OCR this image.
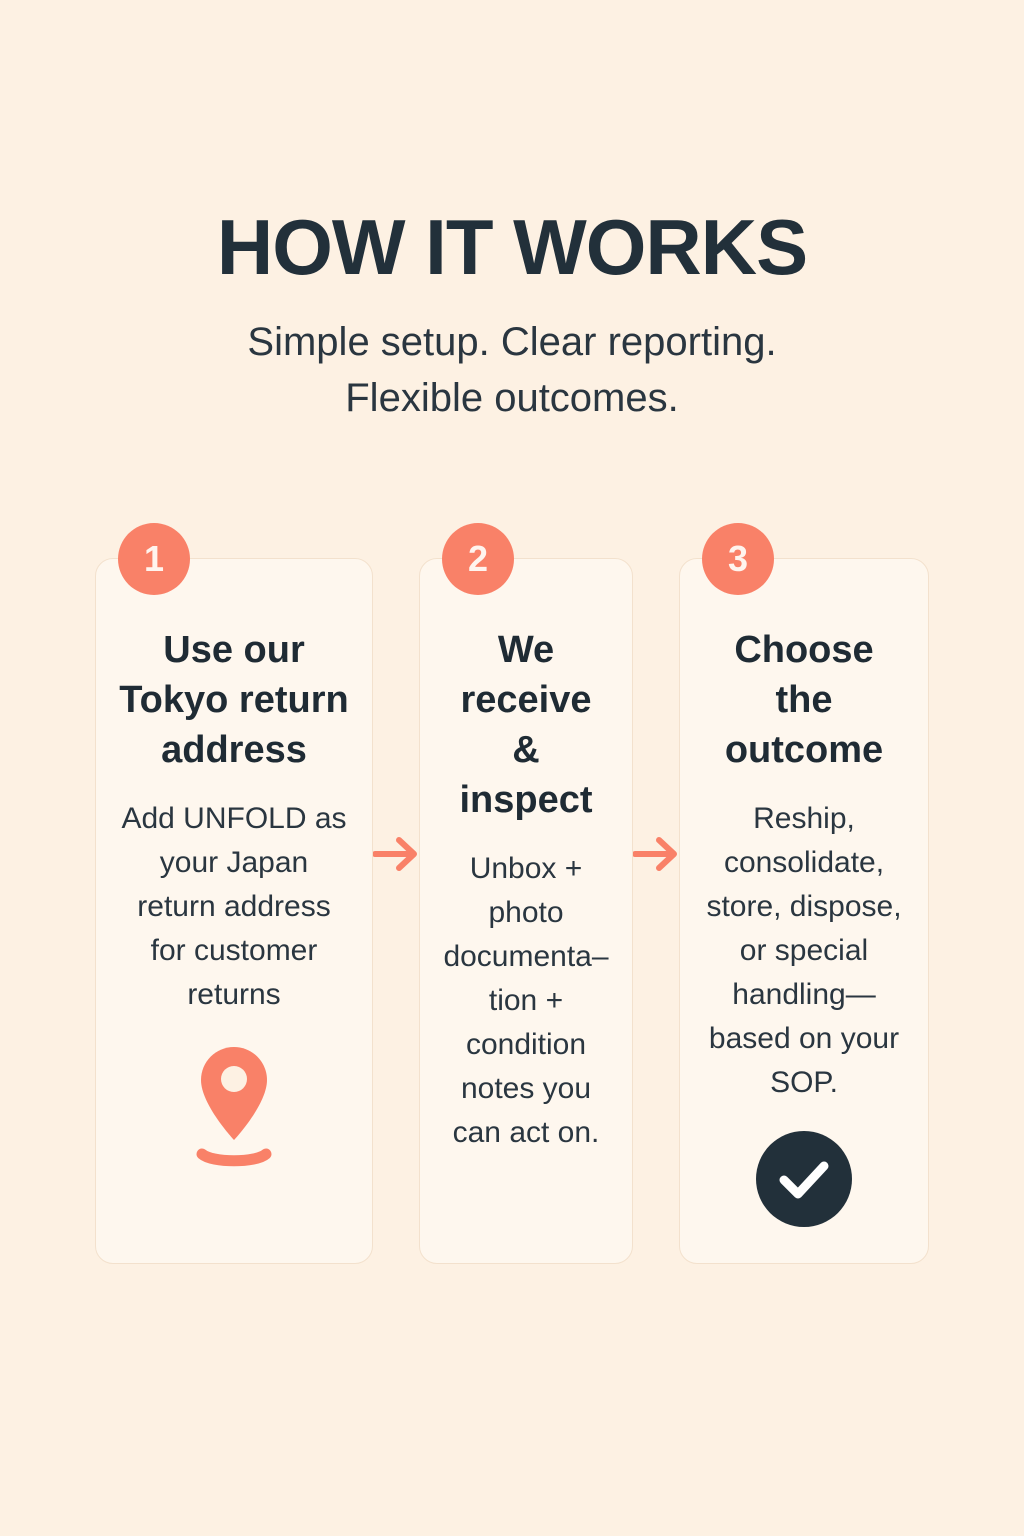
HOW IT WORKS

Simple setup. Clear reporting. Flexible outcomes.

1
Use our Tokyo return address

Add UNFOLD as your Japan return address for customer returns

2
We receive & inspect

Unbox + photo documenta–tion + condition notes you can act on.

3
Choose the outcome

Reship, consolidate, store, dispose, or special handling—based on your SOP.
